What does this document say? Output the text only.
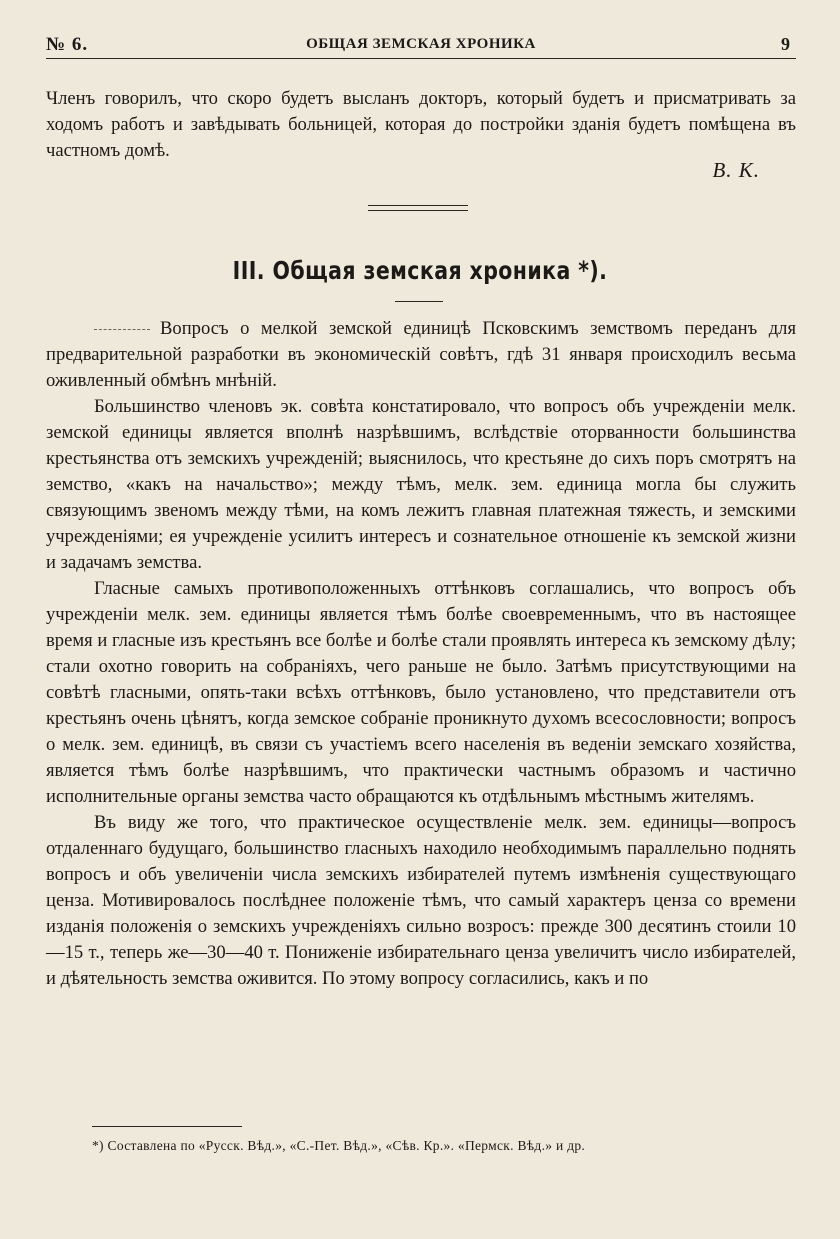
№ 6.	ОБЩАЯ ЗЕМСКАЯ ХРОНИКА	9

Членъ говорилъ, что скоро будетъ высланъ докторъ, который будетъ и присматривать за ходомъ работъ и завѣдывать больницей, которая до постройки зданія будетъ помѣщена въ частномъ домѣ.

В. К.
III. Общая земская хроника *).

Вопросъ о мелкой земской единицѣ Псковскимъ земствомъ переданъ для предварительной разработки въ экономическій совѣтъ, гдѣ 31 января происходилъ весьма оживленный обмѣнъ мнѣній.

Большинство членовъ эк. совѣта констатировало, что вопросъ объ учрежденіи мелк. земской единицы является вполнѣ назрѣвшимъ, вслѣдствіе оторванности большинства крестьянства отъ земскихъ учрежденій; выяснилось, что крестьяне до сихъ поръ смотрятъ на земство, «какъ на начальство»; между тѣмъ, мелк. зем. единица могла бы служить связующимъ звеномъ между тѣми, на комъ лежитъ главная платежная тяжесть, и земскими учрежденіями; ея учрежденіе усилитъ интересъ и сознательное отношеніе къ земской жизни и задачамъ земства.

Гласные самыхъ противоположенныхъ оттѣнковъ соглашались, что вопросъ объ учрежденіи мелк. зем. единицы является тѣмъ болѣе своевременнымъ, что въ настоящее время и гласные изъ крестьянъ все болѣе и болѣе стали проявлять интереса къ земскому дѣлу; стали охотно говорить на собраніяхъ, чего раньше не было. Затѣмъ присутствующими на совѣтѣ гласными, опять-таки всѣхъ оттѣнковъ, было установлено, что представители отъ крестьянъ очень цѣнятъ, когда земское собраніе проникнуто духомъ всесословности; вопросъ о мелк. зем. единицѣ, въ связи съ участіемъ всего населенія въ веденіи земскаго хозяйства, является тѣмъ болѣе назрѣвшимъ, что практически частнымъ образомъ и частично исполнительные органы земства часто обращаются къ отдѣльнымъ мѣстнымъ жителямъ.

Въ виду же того, что практическое осуществленіе мелк. зем. единицы—вопросъ отдаленнаго будущаго, большинство гласныхъ находило необходимымъ параллельно поднять вопросъ и объ увеличеніи числа земскихъ избирателей путемъ измѣненія существующаго ценза. Мотивировалось послѣднее положеніе тѣмъ, что самый характеръ ценза со времени изданія положенія о земскихъ учрежденіяхъ сильно возросъ: прежде 300 десятинъ стоили 10—15 т., теперь же—30—40 т. Пониженіе избирательнаго ценза увеличитъ число избирателей, и дѣятельность земства оживится. По этому вопросу согласились, какъ и по

*) Составлена по «Русск. Вѣд.», «С.-Пет. Вѣд.», «Сѣв. Кр.». «Пермск. Вѣд.» и др.
